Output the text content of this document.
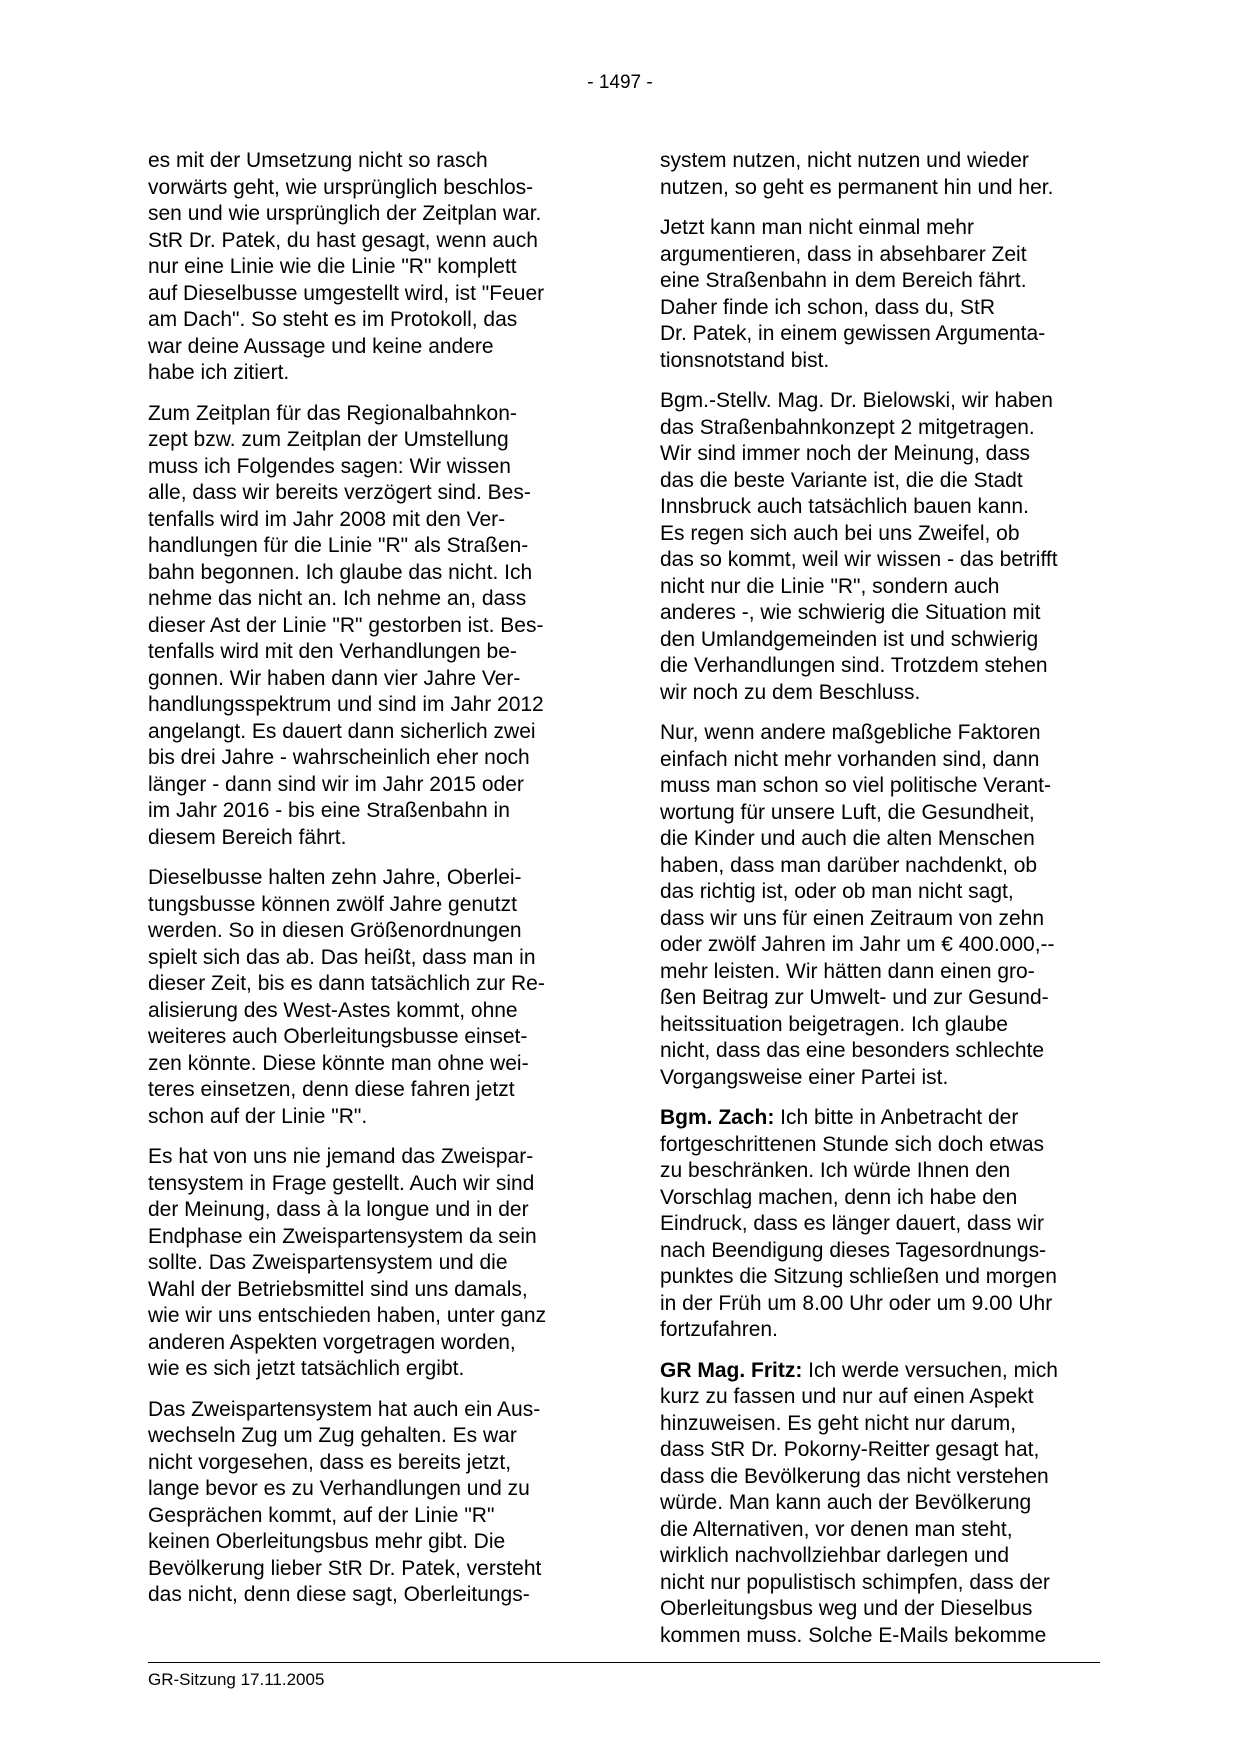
- 1497 -

es mit der Umsetzung nicht so rasch
vorwärts geht, wie ursprünglich beschlos-
sen und wie ursprünglich der Zeitplan war.
StR Dr. Patek, du hast gesagt, wenn auch
nur eine Linie wie die Linie "R" komplett
auf Dieselbusse umgestellt wird, ist "Feuer
am Dach". So steht es im Protokoll, das
war deine Aussage und keine andere
habe ich zitiert.

Zum Zeitplan für das Regionalbahnkon-
zept bzw. zum Zeitplan der Umstellung
muss ich Folgendes sagen: Wir wissen
alle, dass wir bereits verzögert sind. Bes-
tenfalls wird im Jahr 2008 mit den Ver-
handlungen für die Linie "R" als Straßen-
bahn begonnen. Ich glaube das nicht. Ich
nehme das nicht an. Ich nehme an, dass
dieser Ast der Linie "R" gestorben ist. Bes-
tenfalls wird mit den Verhandlungen be-
gonnen. Wir haben dann vier Jahre Ver-
handlungsspektrum und sind im Jahr 2012
angelangt. Es dauert dann sicherlich zwei
bis drei Jahre - wahrscheinlich eher noch
länger - dann sind wir im Jahr 2015 oder
im Jahr 2016 - bis eine Straßenbahn in
diesem Bereich fährt.

Dieselbusse halten zehn Jahre, Oberlei-
tungsbusse können zwölf Jahre genutzt
werden. So in diesen Größenordnungen
spielt sich das ab. Das heißt, dass man in
dieser Zeit, bis es dann tatsächlich zur Re-
alisierung des West-Astes kommt, ohne
weiteres auch Oberleitungsbusse einset-
zen könnte. Diese könnte man ohne wei-
teres einsetzen, denn diese fahren jetzt
schon auf der Linie "R".

Es hat von uns nie jemand das Zweispar-
tensystem in Frage gestellt. Auch wir sind
der Meinung, dass à la longue und in der
Endphase ein Zweispartensystem da sein
sollte. Das Zweispartensystem und die
Wahl der Betriebsmittel sind uns damals,
wie wir uns entschieden haben, unter ganz
anderen Aspekten vorgetragen worden,
wie es sich jetzt tatsächlich ergibt.

Das Zweispartensystem hat auch ein Aus-
wechseln Zug um Zug gehalten. Es war
nicht vorgesehen, dass es bereits jetzt,
lange bevor es zu Verhandlungen und zu
Gesprächen kommt, auf der Linie "R"
keinen Oberleitungsbus mehr gibt. Die
Bevölkerung lieber StR Dr. Patek, versteht
das nicht, denn diese sagt, Oberleitungs-

system nutzen, nicht nutzen und wieder
nutzen, so geht es permanent hin und her.

Jetzt kann man nicht einmal mehr
argumentieren, dass in absehbarer Zeit
eine Straßenbahn in dem Bereich fährt.
Daher finde ich schon, dass du, StR
Dr. Patek, in einem gewissen Argumenta-
tionsnotstand bist.

Bgm.-Stellv. Mag. Dr. Bielowski, wir haben
das Straßenbahnkonzept 2 mitgetragen.
Wir sind immer noch der Meinung, dass
das die beste Variante ist, die die Stadt
Innsbruck auch tatsächlich bauen kann.
Es regen sich auch bei uns Zweifel, ob
das so kommt, weil wir wissen - das betrifft
nicht nur die Linie "R", sondern auch
anderes -, wie schwierig die Situation mit
den Umlandgemeinden ist und schwierig
die Verhandlungen sind. Trotzdem stehen
wir noch zu dem Beschluss.

Nur, wenn andere maßgebliche Faktoren
einfach nicht mehr vorhanden sind, dann
muss man schon so viel politische Verant-
wortung für unsere Luft, die Gesundheit,
die Kinder und auch die alten Menschen
haben, dass man darüber nachdenkt, ob
das richtig ist, oder ob man nicht sagt,
dass wir uns für einen Zeitraum von zehn
oder zwölf Jahren im Jahr um € 400.000,--
mehr leisten. Wir hätten dann einen gro-
ßen Beitrag zur Umwelt- und zur Gesund-
heitssituation beigetragen. Ich glaube
nicht, dass das eine besonders schlechte
Vorgangsweise einer Partei ist.

Bgm. Zach: Ich bitte in Anbetracht der
fortgeschrittenen Stunde sich doch etwas
zu beschränken. Ich würde Ihnen den
Vorschlag machen, denn ich habe den
Eindruck, dass es länger dauert, dass wir
nach Beendigung dieses Tagesordnungs-
punktes die Sitzung schließen und morgen
in der Früh um 8.00 Uhr oder um 9.00 Uhr
fortzufahren.

GR Mag. Fritz: Ich werde versuchen, mich
kurz zu fassen und nur auf einen Aspekt
hinzuweisen. Es geht nicht nur darum,
dass StR Dr. Pokorny-Reitter gesagt hat,
dass die Bevölkerung das nicht verstehen
würde. Man kann auch der Bevölkerung
die Alternativen, vor denen man steht,
wirklich nachvollziehbar darlegen und
nicht nur populistisch schimpfen, dass der
Oberleitungsbus weg und der Dieselbus
kommen muss. Solche E-Mails bekomme

GR-Sitzung 17.11.2005
